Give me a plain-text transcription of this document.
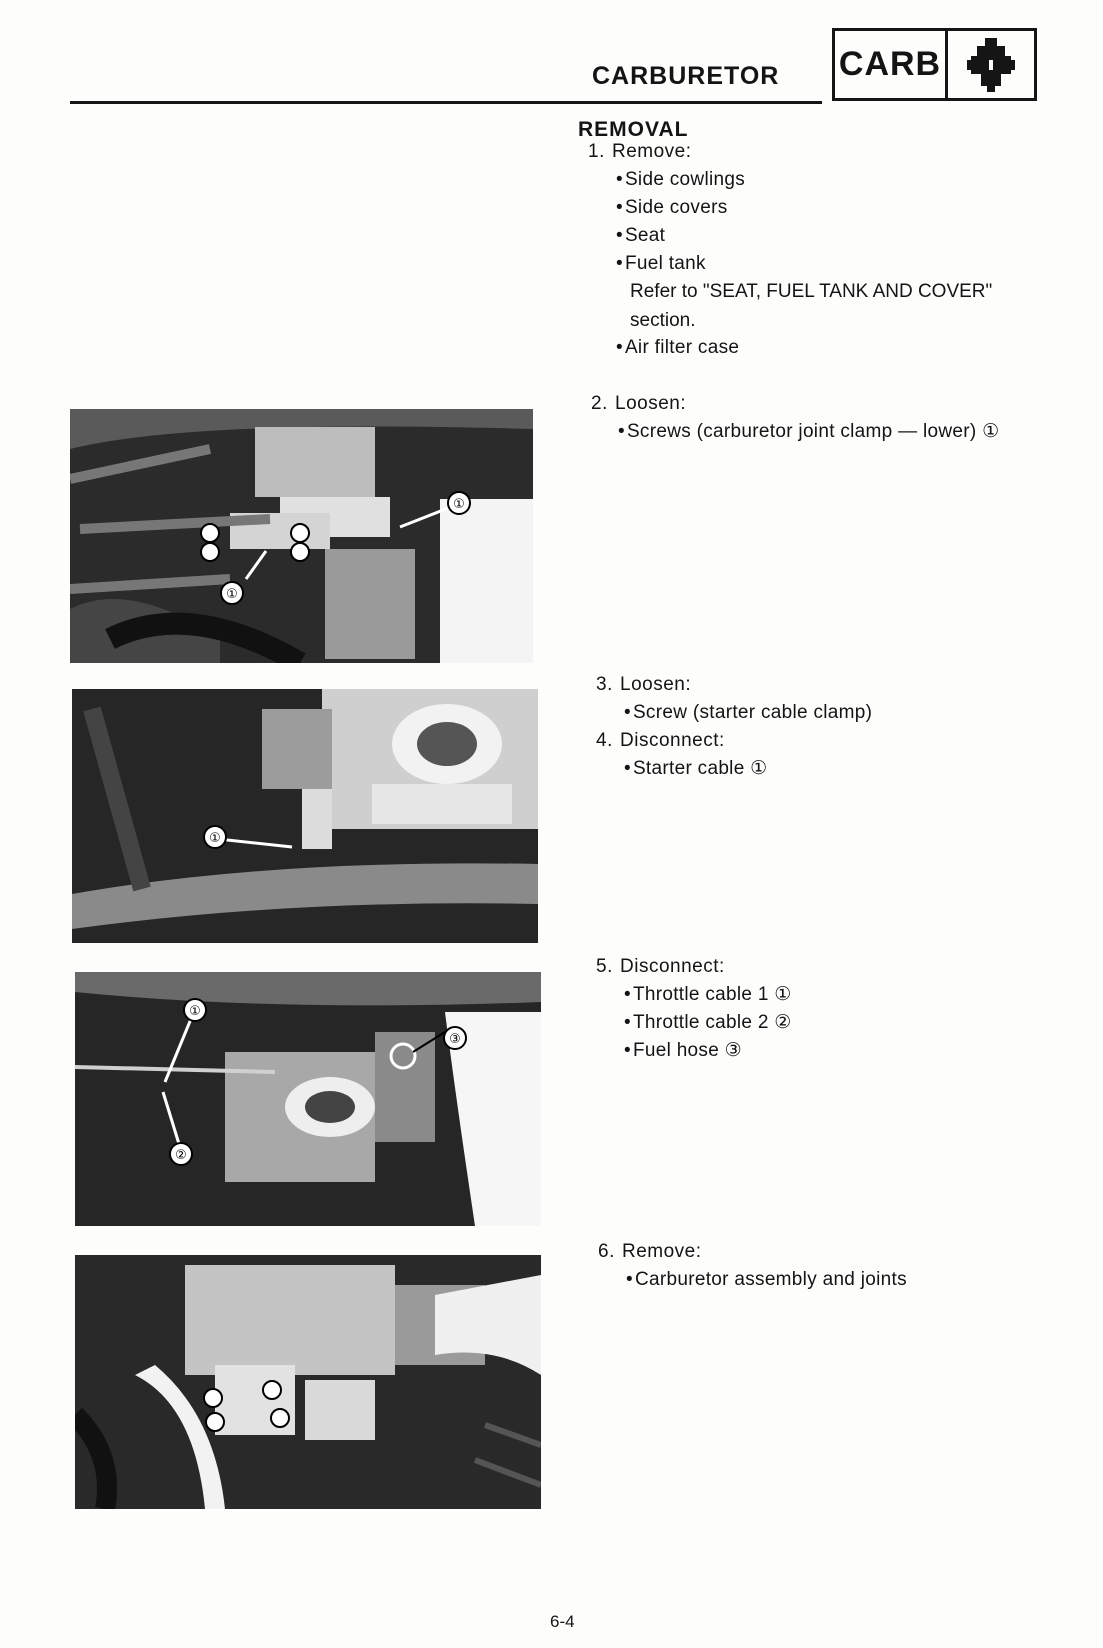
CARBURETOR CARB
REMOVAL
1. Remove:
• Side cowlings
• Side covers
• Seat
• Fuel tank
Refer to "SEAT, FUEL TANK AND COVER"
section.
• Air filter case
2. Loosen:
• Screws (carburetor joint clamp — lower) ①
3. Loosen:
• Screw (starter cable clamp)
4. Disconnect:
• Starter cable ①
5. Disconnect:
• Throttle cable 1 ①
• Throttle cable 2 ②
• Fuel hose ③
6. Remove:
• Carburetor assembly and joints
①
①
①
①
②
③
6-4
